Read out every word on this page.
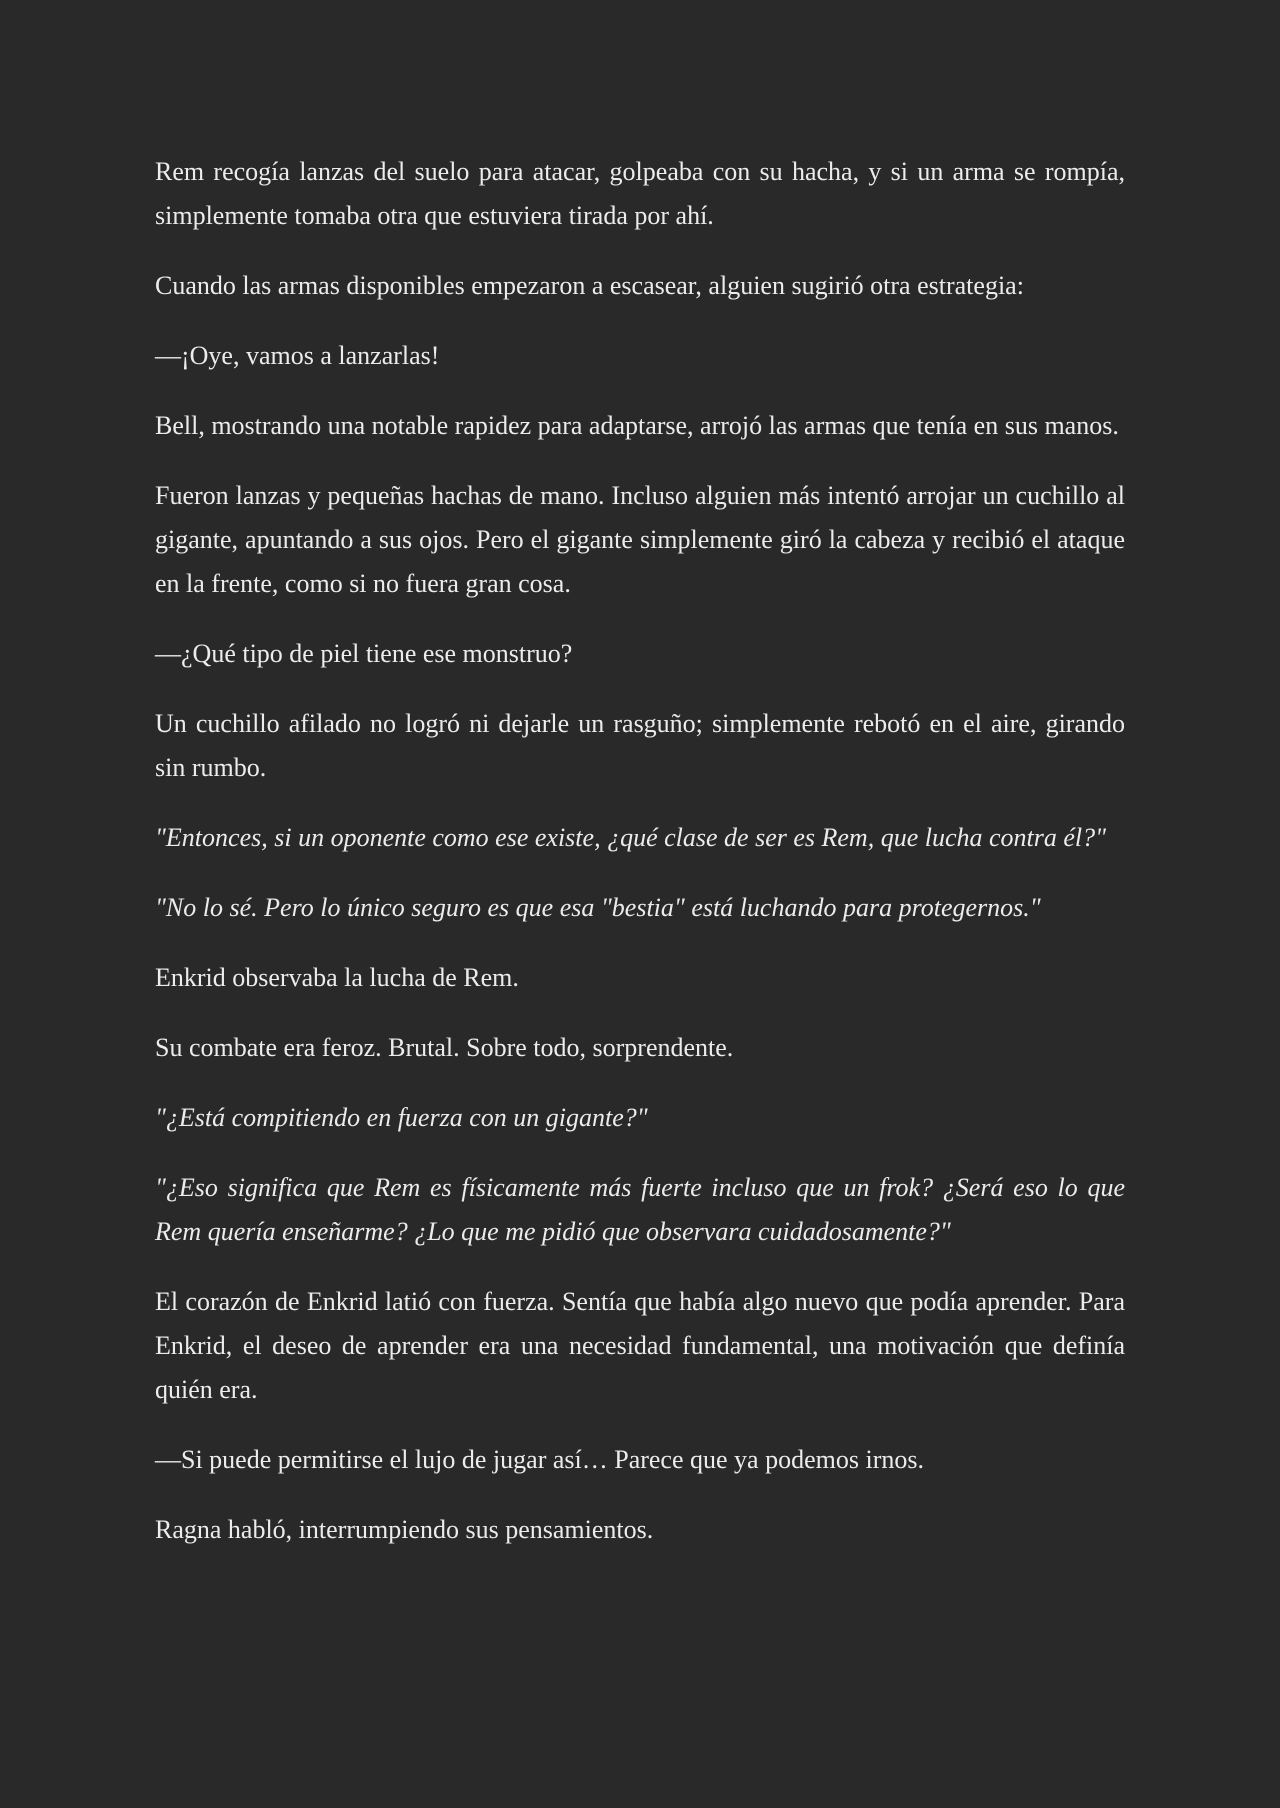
Rem recogía lanzas del suelo para atacar, golpeaba con su hacha, y si un arma se rompía, simplemente tomaba otra que estuviera tirada por ahí.

Cuando las armas disponibles empezaron a escasear, alguien sugirió otra estrategia:

—¡Oye, vamos a lanzarlas!

Bell, mostrando una notable rapidez para adaptarse, arrojó las armas que tenía en sus manos.

Fueron lanzas y pequeñas hachas de mano. Incluso alguien más intentó arrojar un cuchillo al gigante, apuntando a sus ojos. Pero el gigante simplemente giró la cabeza y recibió el ataque en la frente, como si no fuera gran cosa.

—¿Qué tipo de piel tiene ese monstruo?

Un cuchillo afilado no logró ni dejarle un rasguño; simplemente rebotó en el aire, girando sin rumbo.

"Entonces, si un oponente como ese existe, ¿qué clase de ser es Rem, que lucha contra él?"

"No lo sé. Pero lo único seguro es que esa "bestia" está luchando para protegernos."

Enkrid observaba la lucha de Rem.

Su combate era feroz. Brutal. Sobre todo, sorprendente.

"¿Está compitiendo en fuerza con un gigante?"

"¿Eso significa que Rem es físicamente más fuerte incluso que un frok? ¿Será eso lo que Rem quería enseñarme? ¿Lo que me pidió que observara cuidadosamente?"

El corazón de Enkrid latió con fuerza. Sentía que había algo nuevo que podía aprender. Para Enkrid, el deseo de aprender era una necesidad fundamental, una motivación que definía quién era.

—Si puede permitirse el lujo de jugar así… Parece que ya podemos irnos.

Ragna habló, interrumpiendo sus pensamientos.
